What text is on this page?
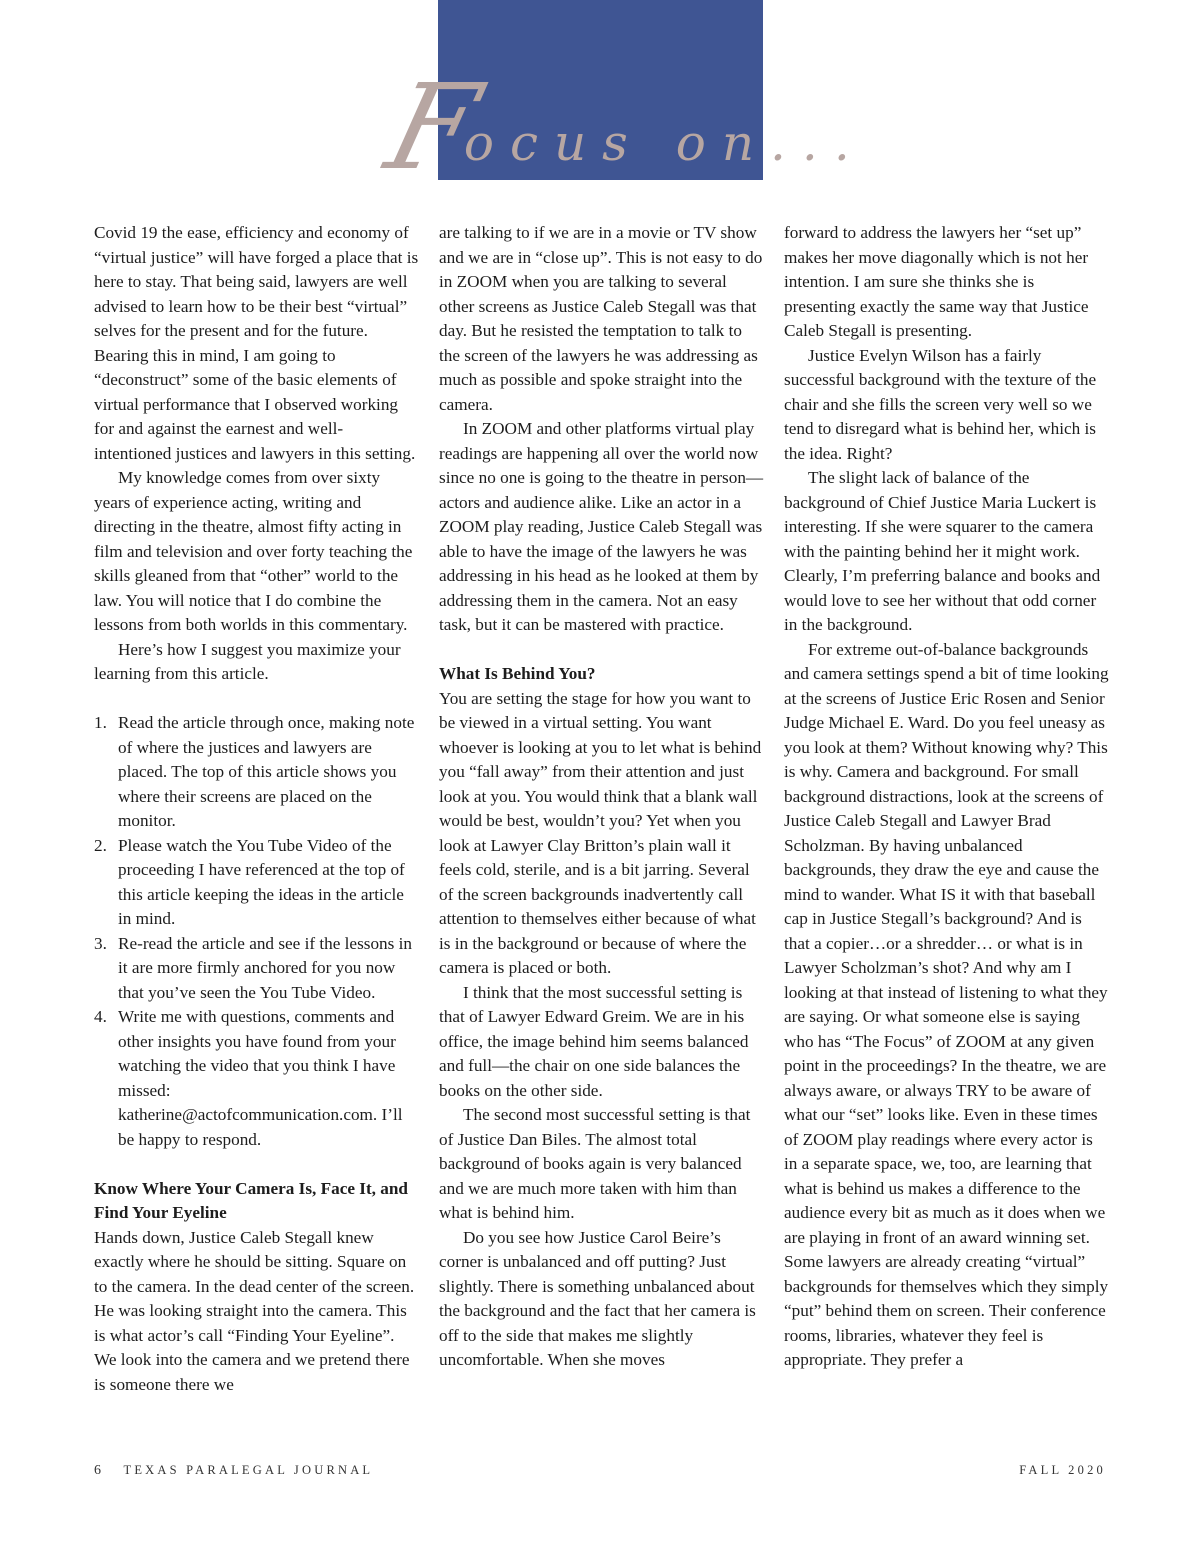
Focus on...

Covid 19 the ease, efficiency and economy of “virtual justice” will have forged a place that is here to stay. That being said, lawyers are well advised to learn how to be their best “virtual” selves for the present and for the future. Bearing this in mind, I am going to “deconstruct” some of the basic elements of virtual performance that I observed working for and against the earnest and well-intentioned justices and lawyers in this setting.

My knowledge comes from over sixty years of experience acting, writing and directing in the theatre, almost fifty acting in film and television and over forty teaching the skills gleaned from that “other” world to the law. You will notice that I do combine the lessons from both worlds in this commentary.

Here’s how I suggest you maximize your learning from this article.

1. Read the article through once, making note of where the justices and lawyers are placed. The top of this article shows you where their screens are placed on the monitor.
2. Please watch the You Tube Video of the proceeding I have referenced at the top of this article keeping the ideas in the article in mind.
3. Re-read the article and see if the lessons in it are more firmly anchored for you now that you’ve seen the You Tube Video.
4. Write me with questions, comments and other insights you have found from your watching the video that you think I have missed: katherine@actofcommunication.com. I’ll be happy to respond.
Know Where Your Camera Is, Face It, and Find Your Eyeline

Hands down, Justice Caleb Stegall knew exactly where he should be sitting. Square on to the camera. In the dead center of the screen. He was looking straight into the camera. This is what actor’s call “Finding Your Eyeline”. We look into the camera and we pretend there is someone there we

are talking to if we are in a movie or TV show and we are in “close up”. This is not easy to do in ZOOM when you are talking to several other screens as Justice Caleb Stegall was that day. But he resisted the temptation to talk to the screen of the lawyers he was addressing as much as possible and spoke straight into the camera.

In ZOOM and other platforms virtual play readings are happening all over the world now since no one is going to the theatre in person—actors and audience alike. Like an actor in a ZOOM play reading, Justice Caleb Stegall was able to have the image of the lawyers he was addressing in his head as he looked at them by addressing them in the camera. Not an easy task, but it can be mastered with practice.

What Is Behind You?

You are setting the stage for how you want to be viewed in a virtual setting. You want whoever is looking at you to let what is behind you “fall away” from their attention and just look at you. You would think that a blank wall would be best, wouldn’t you? Yet when you look at Lawyer Clay Britton’s plain wall it feels cold, sterile, and is a bit jarring. Several of the screen backgrounds inadvertently call attention to themselves either because of what is in the background or because of where the camera is placed or both.

I think that the most successful setting is that of Lawyer Edward Greim. We are in his office, the image behind him seems balanced and full—the chair on one side balances the books on the other side.

The second most successful setting is that of Justice Dan Biles. The almost total background of books again is very balanced and we are much more taken with him than what is behind him.

Do you see how Justice Carol Beire’s corner is unbalanced and off putting? Just slightly. There is something unbalanced about the background and the fact that her camera is off to the side that makes me slightly uncomfortable. When she moves

forward to address the lawyers her “set up” makes her move diagonally which is not her intention. I am sure she thinks she is presenting exactly the same way that Justice Caleb Stegall is presenting.

Justice Evelyn Wilson has a fairly successful background with the texture of the chair and she fills the screen very well so we tend to disregard what is behind her, which is the idea. Right?

The slight lack of balance of the background of Chief Justice Maria Luckert is interesting. If she were squarer to the camera with the painting behind her it might work. Clearly, I’m preferring balance and books and would love to see her without that odd corner in the background.

For extreme out-of-balance backgrounds and camera settings spend a bit of time looking at the screens of Justice Eric Rosen and Senior Judge Michael E. Ward. Do you feel uneasy as you look at them? Without knowing why? This is why. Camera and background. For small background distractions, look at the screens of Justice Caleb Stegall and Lawyer Brad Scholzman. By having unbalanced backgrounds, they draw the eye and cause the mind to wander. What IS it with that baseball cap in Justice Stegall’s background? And is that a copier…or a shredder… or what is in Lawyer Scholzman’s shot? And why am I looking at that instead of listening to what they are saying. Or what someone else is saying who has “The Focus” of ZOOM at any given point in the proceedings? In the theatre, we are always aware, or always TRY to be aware of what our “set” looks like. Even in these times of ZOOM play readings where every actor is in a separate space, we, too, are learning that what is behind us makes a difference to the audience every bit as much as it does when we are playing in front of an award winning set.

Some lawyers are already creating “virtual” backgrounds for themselves which they simply “put” behind them on screen. Their conference rooms, libraries, whatever they feel is appropriate. They prefer a

6 TEXAS PARALEGAL JOURNAL	FALL 2020
